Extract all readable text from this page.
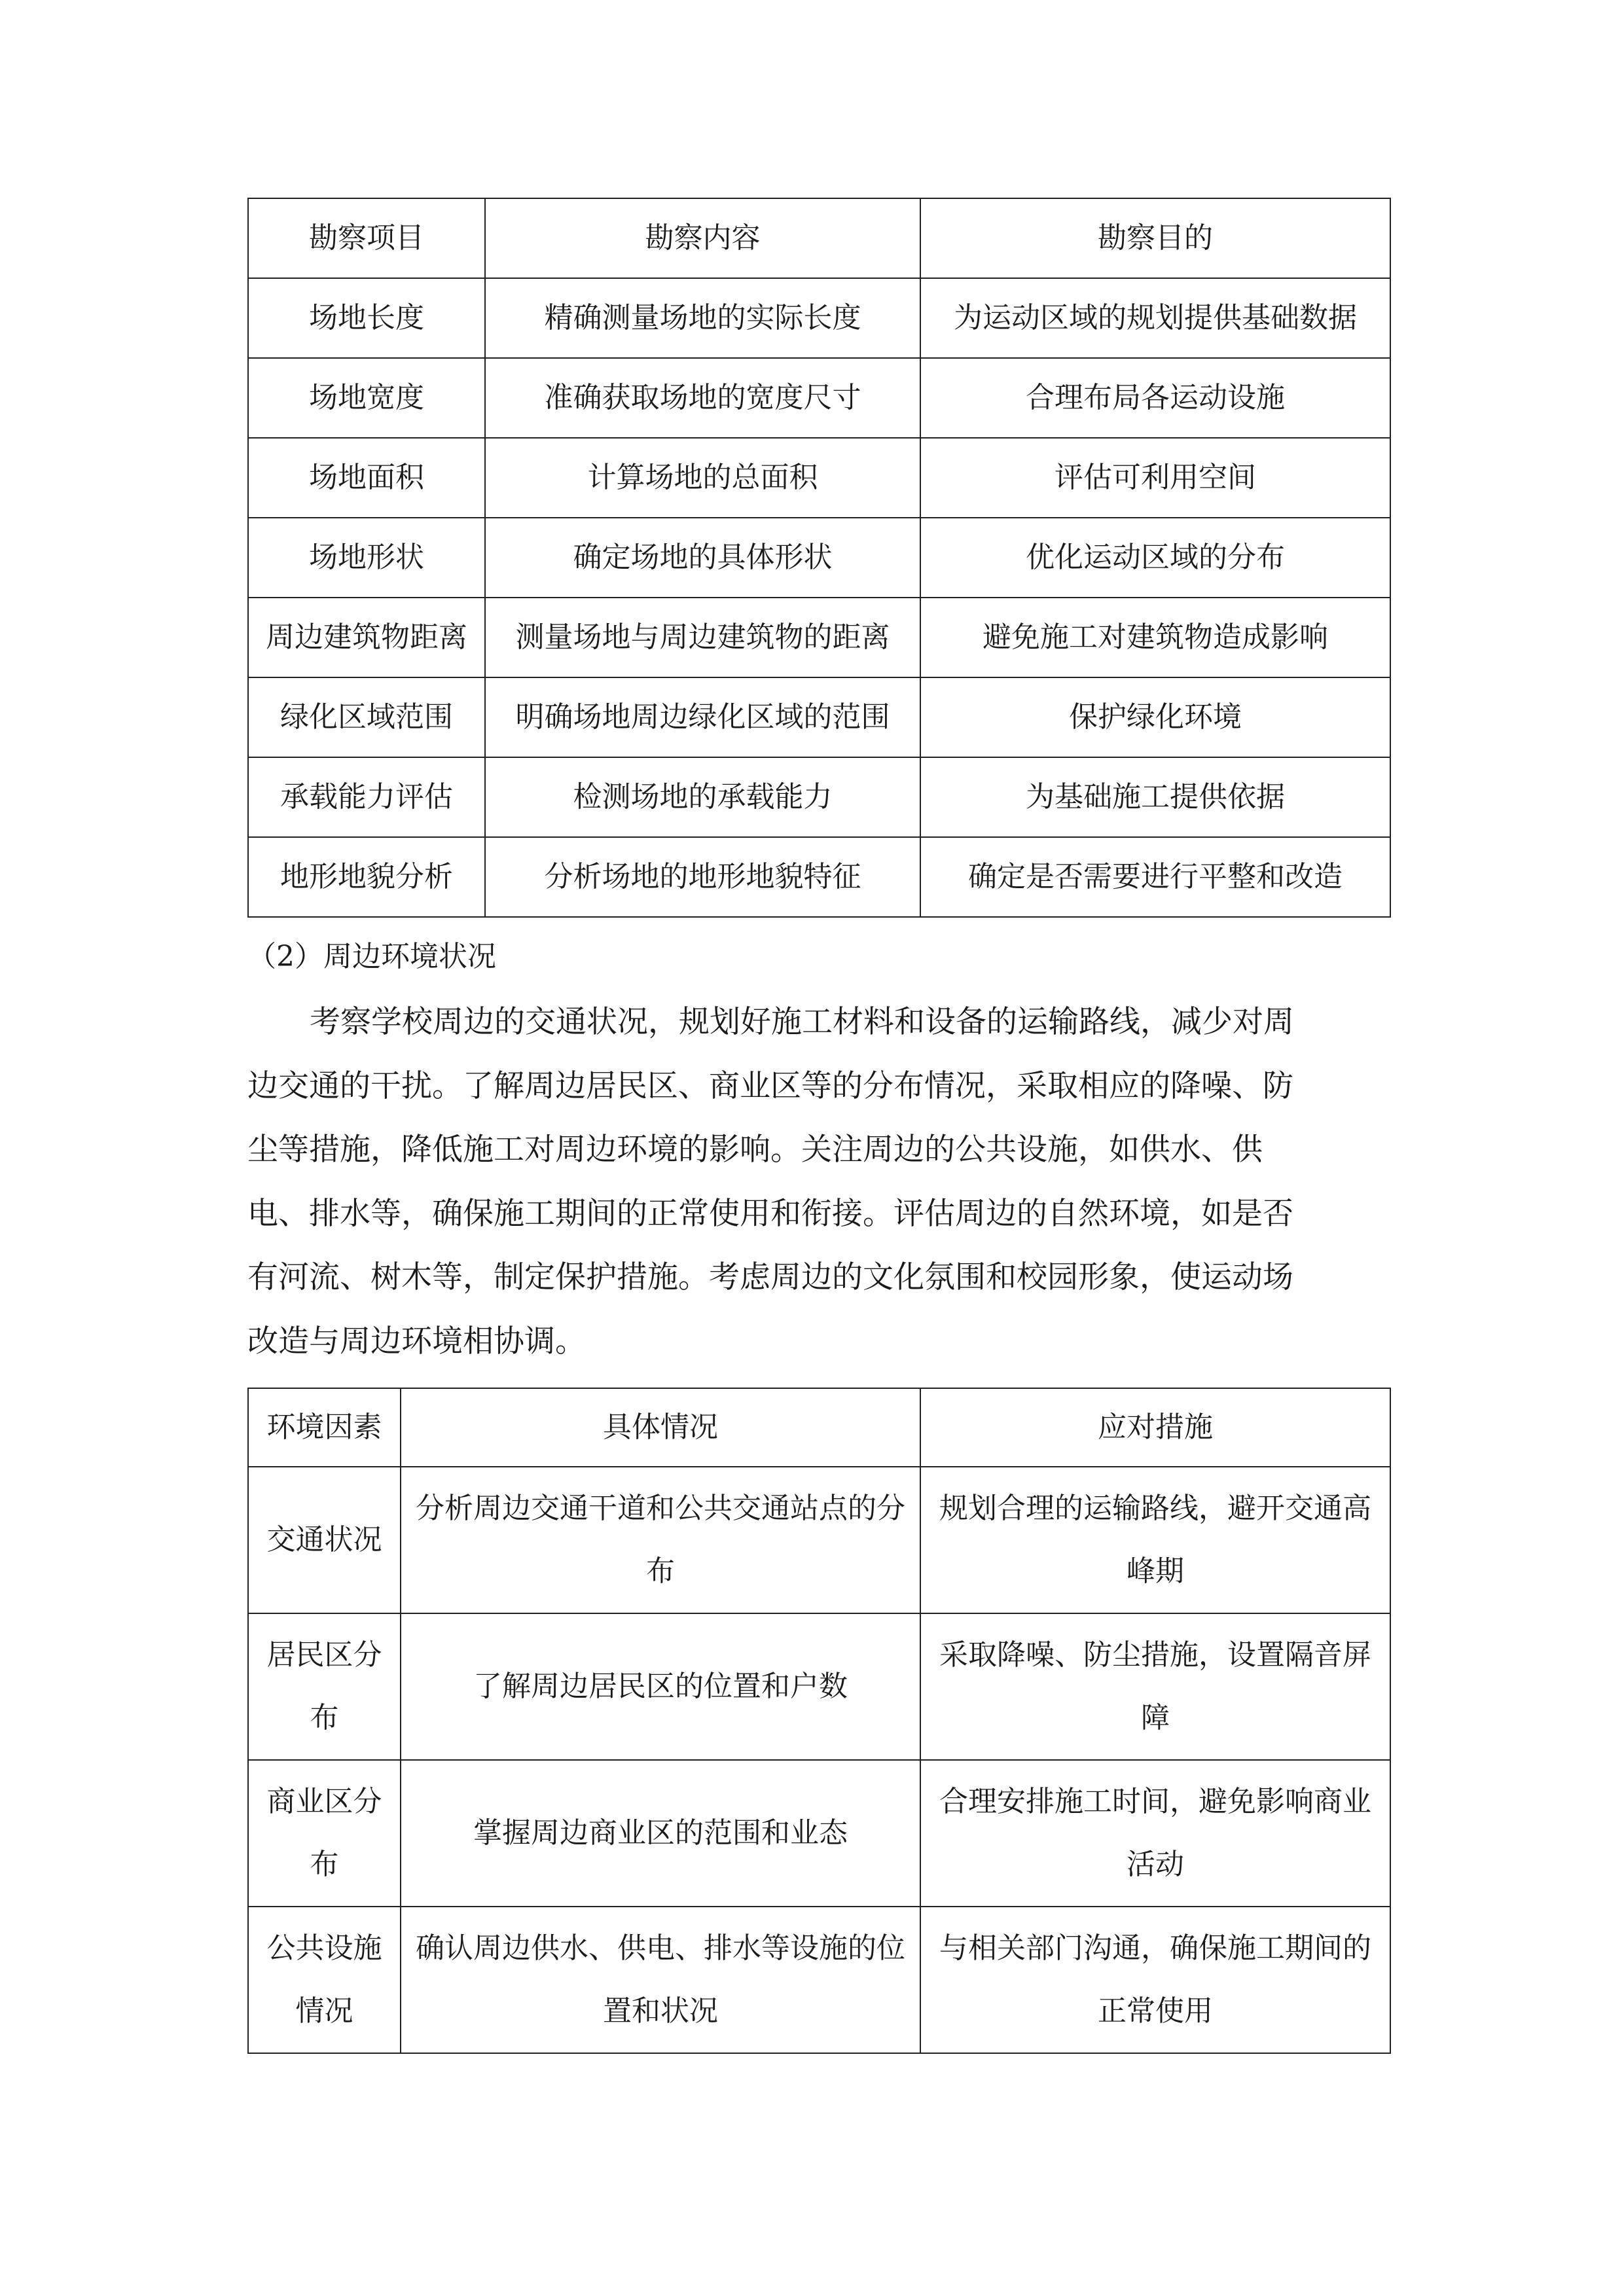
勘察项目	勘察内容	勘察目的
场地长度	精确测量场地的实际长度	为运动区域的规划提供基础数据
场地宽度	准确获取场地的宽度尺寸	合理布局各运动设施
场地面积	计算场地的总面积	评估可利用空间
场地形状	确定场地的具体形状	优化运动区域的分布
周边建筑物距离	测量场地与周边建筑物的距离	避免施工对建筑物造成影响
绿化区域范围	明确场地周边绿化区域的范围	保护绿化环境
承载能力评估	检测场地的承载能力	为基础施工提供依据
地形地貌分析	分析场地的地形地貌特征	确定是否需要进行平整和改造
（2）周边环境状况

考察学校周边的交通状况，规划好施工材料和设备的运输路线，减少对周
边交通的干扰。了解周边居民区、商业区等的分布情况，采取相应的降噪、防
尘等措施，降低施工对周边环境的影响。关注周边的公共设施，如供水、供
电、排水等，确保施工期间的正常使用和衔接。评估周边的自然环境，如是否
有河流、树木等，制定保护措施。考虑周边的文化氛围和校园形象，使运动场
改造与周边环境相协调。

环境因素	具体情况	应对措施
交通状况	分析周边交通干道和公共交通站点的分布	规划合理的运输路线，避开交通高峰期
居民区分布	了解周边居民区的位置和户数	采取降噪、防尘措施，设置隔音屏障
商业区分布	掌握周边商业区的范围和业态	合理安排施工时间，避免影响商业活动
公共设施情况	确认周边供水、供电、排水等设施的位置和状况	与相关部门沟通，确保施工期间的正常使用
